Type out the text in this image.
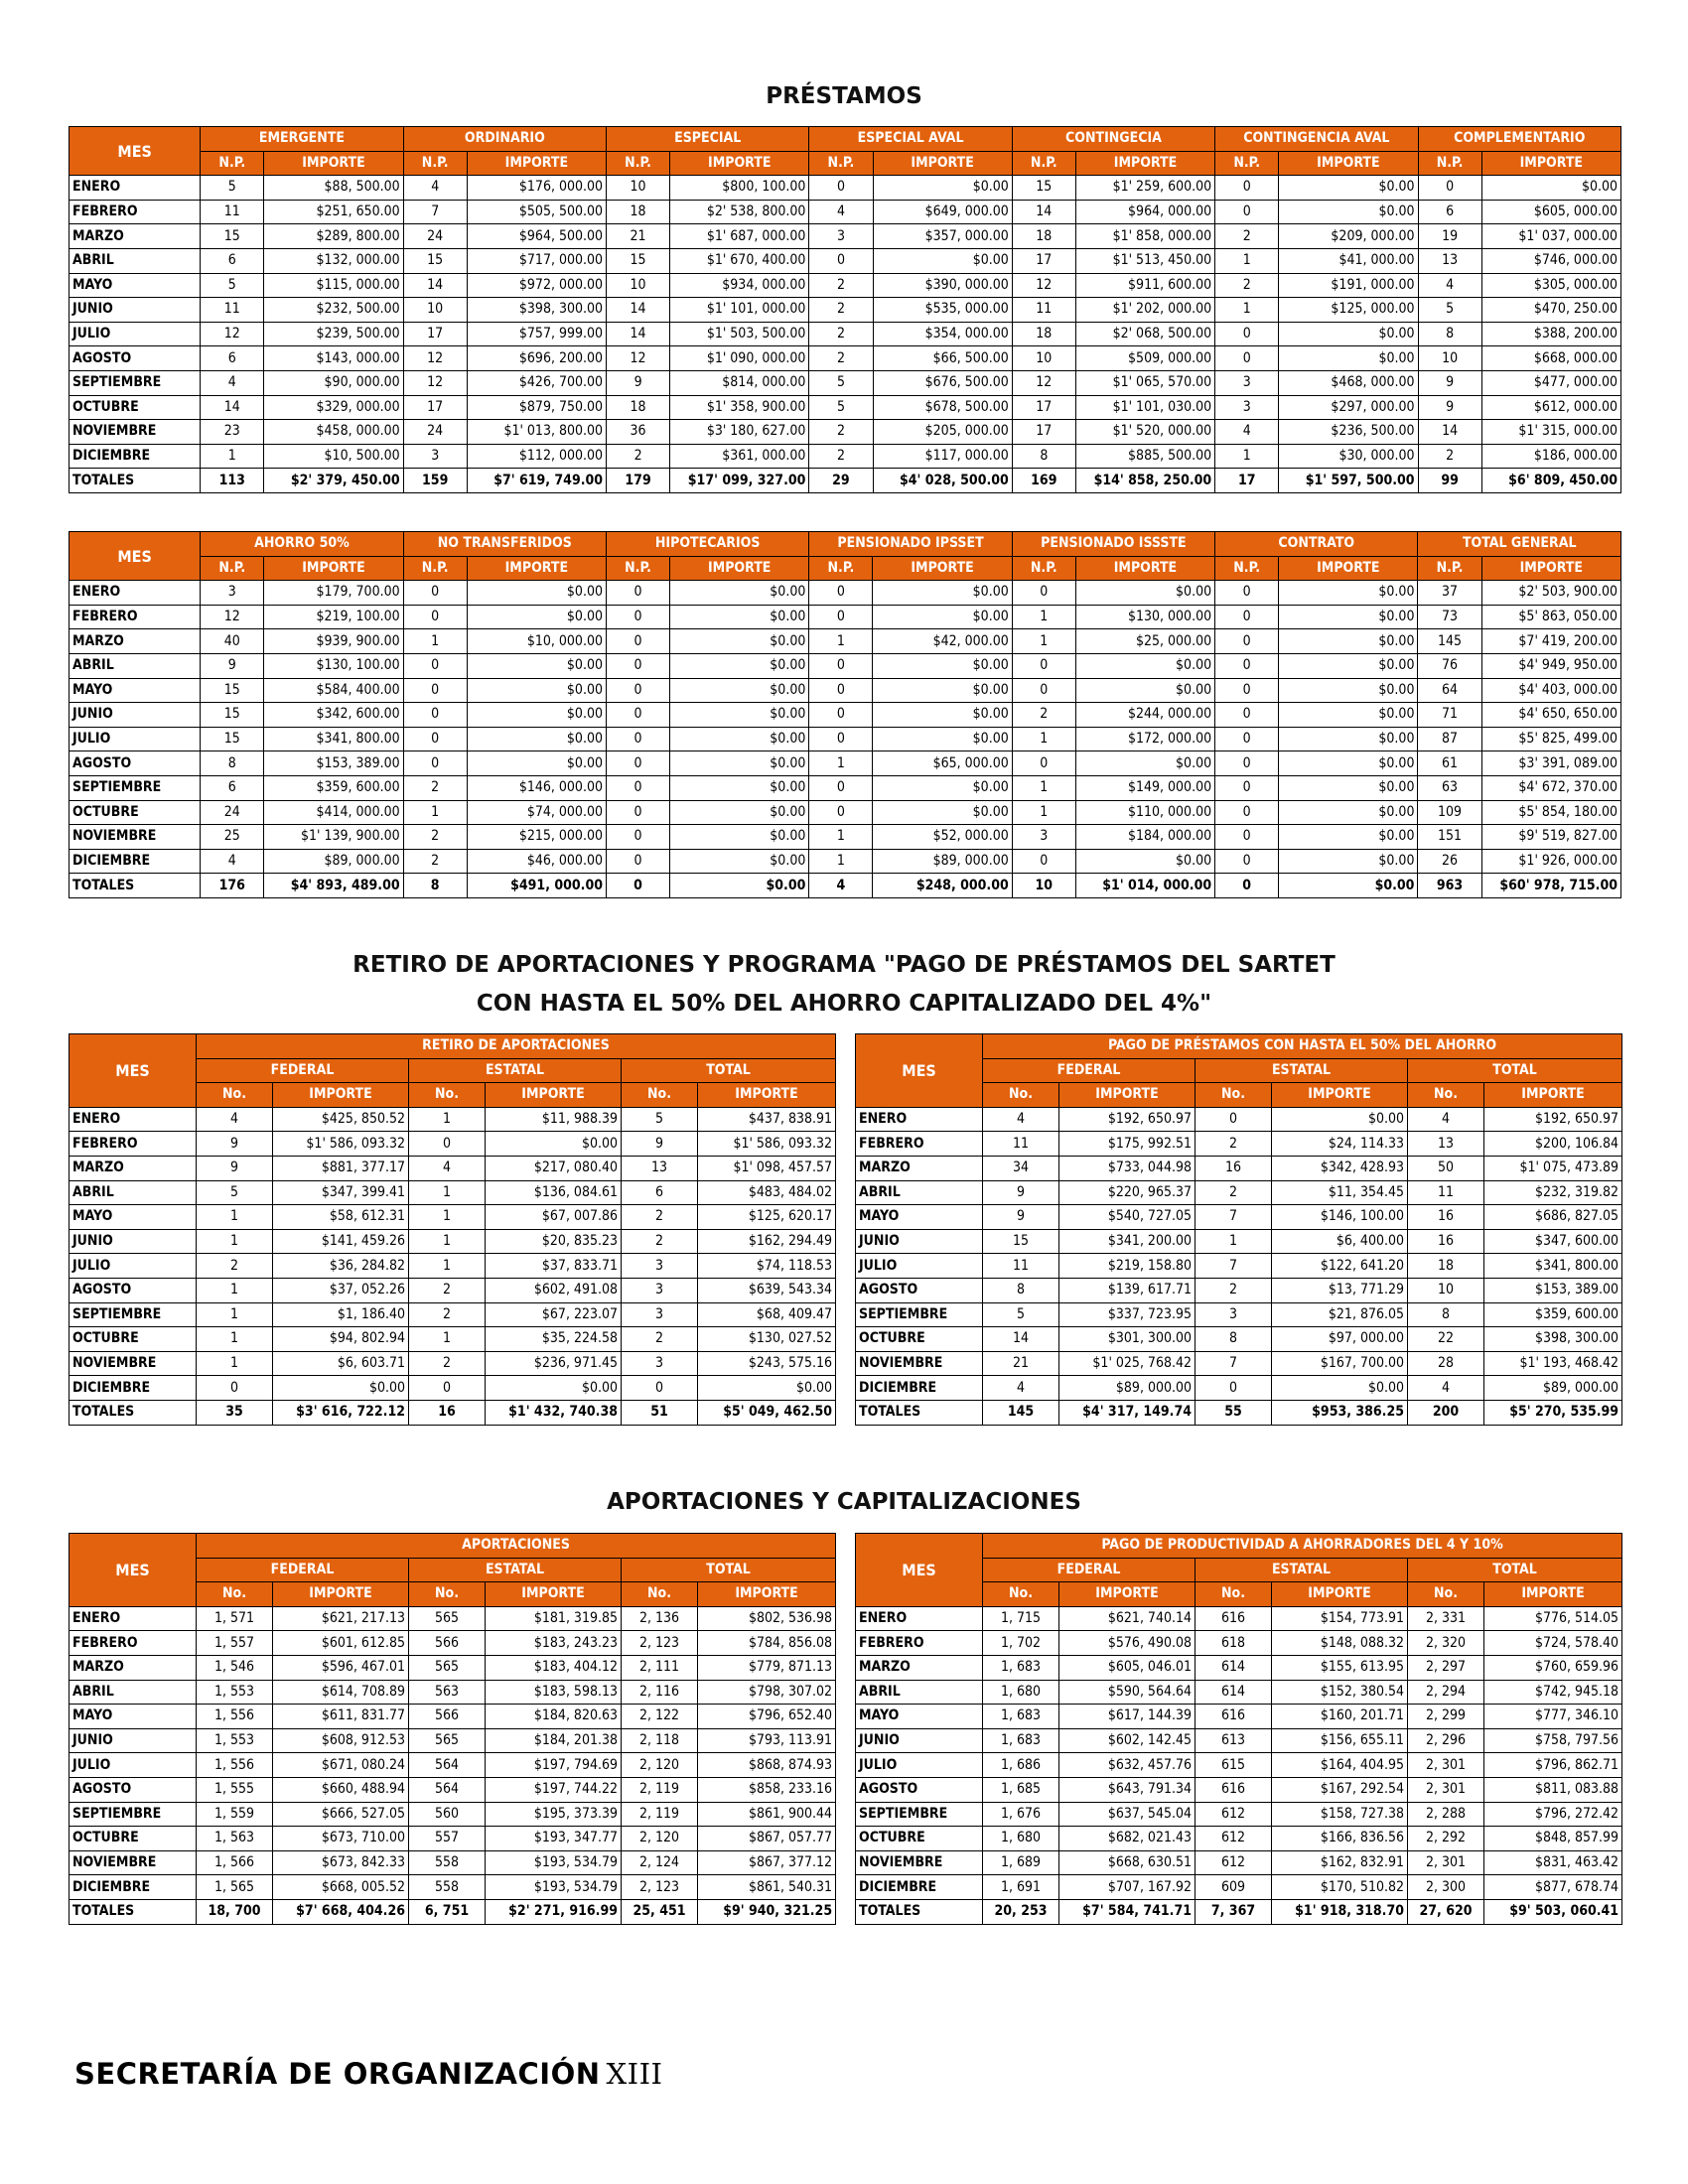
PRÉSTAMOS
MES	EMERGENTE		ORDINARIO		ESPECIAL		ESPECIAL AVAL		CONTINGECIA		CONTINGENCIA AVAL		COMPLEMENTARIO	
	N.P.	IMPORTE	N.P.	IMPORTE	N.P.	IMPORTE	N.P.	IMPORTE	N.P.	IMPORTE	N.P.	IMPORTE	N.P.	IMPORTE
ENERO	5	$88, 500.00	4	$176, 000.00	10	$800, 100.00	0	$0.00	15	$1' 259, 600.00	0	$0.00	0	$0.00
FEBRERO	11	$251, 650.00	7	$505, 500.00	18	$2' 538, 800.00	4	$649, 000.00	14	$964, 000.00	0	$0.00	6	$605, 000.00
MARZO	15	$289, 800.00	24	$964, 500.00	21	$1' 687, 000.00	3	$357, 000.00	18	$1' 858, 000.00	2	$209, 000.00	19	$1' 037, 000.00
ABRIL	6	$132, 000.00	15	$717, 000.00	15	$1' 670, 400.00	0	$0.00	17	$1' 513, 450.00	1	$41, 000.00	13	$746, 000.00
MAYO	5	$115, 000.00	14	$972, 000.00	10	$934, 000.00	2	$390, 000.00	12	$911, 600.00	2	$191, 000.00	4	$305, 000.00
JUNIO	11	$232, 500.00	10	$398, 300.00	14	$1' 101, 000.00	2	$535, 000.00	11	$1' 202, 000.00	1	$125, 000.00	5	$470, 250.00
JULIO	12	$239, 500.00	17	$757, 999.00	14	$1' 503, 500.00	2	$354, 000.00	18	$2' 068, 500.00	0	$0.00	8	$388, 200.00
AGOSTO	6	$143, 000.00	12	$696, 200.00	12	$1' 090, 000.00	2	$66, 500.00	10	$509, 000.00	0	$0.00	10	$668, 000.00
SEPTIEMBRE	4	$90, 000.00	12	$426, 700.00	9	$814, 000.00	5	$676, 500.00	12	$1' 065, 570.00	3	$468, 000.00	9	$477, 000.00
OCTUBRE	14	$329, 000.00	17	$879, 750.00	18	$1' 358, 900.00	5	$678, 500.00	17	$1' 101, 030.00	3	$297, 000.00	9	$612, 000.00
NOVIEMBRE	23	$458, 000.00	24	$1' 013, 800.00	36	$3' 180, 627.00	2	$205, 000.00	17	$1' 520, 000.00	4	$236, 500.00	14	$1' 315, 000.00
DICIEMBRE	1	$10, 500.00	3	$112, 000.00	2	$361, 000.00	2	$117, 000.00	8	$885, 500.00	1	$30, 000.00	2	$186, 000.00
TOTALES	113	$2' 379, 450.00	159	$7' 619, 749.00	179	$17' 099, 327.00	29	$4' 028, 500.00	169	$14' 858, 250.00	17	$1' 597, 500.00	99	$6' 809, 450.00
MES	AHORRO 50%		NO TRANSFERIDOS		HIPOTECARIOS		PENSIONADO IPSSET		PENSIONADO ISSSTE		CONTRATO		TOTAL GENERAL	
	N.P.	IMPORTE	N.P.	IMPORTE	N.P.	IMPORTE	N.P.	IMPORTE	N.P.	IMPORTE	N.P.	IMPORTE	N.P.	IMPORTE
ENERO	3	$179, 700.00	0	$0.00	0	$0.00	0	$0.00	0	$0.00	0	$0.00	37	$2' 503, 900.00
FEBRERO	12	$219, 100.00	0	$0.00	0	$0.00	0	$0.00	1	$130, 000.00	0	$0.00	73	$5' 863, 050.00
MARZO	40	$939, 900.00	1	$10, 000.00	0	$0.00	1	$42, 000.00	1	$25, 000.00	0	$0.00	145	$7' 419, 200.00
ABRIL	9	$130, 100.00	0	$0.00	0	$0.00	0	$0.00	0	$0.00	0	$0.00	76	$4' 949, 950.00
MAYO	15	$584, 400.00	0	$0.00	0	$0.00	0	$0.00	0	$0.00	0	$0.00	64	$4' 403, 000.00
JUNIO	15	$342, 600.00	0	$0.00	0	$0.00	0	$0.00	2	$244, 000.00	0	$0.00	71	$4' 650, 650.00
JULIO	15	$341, 800.00	0	$0.00	0	$0.00	0	$0.00	1	$172, 000.00	0	$0.00	87	$5' 825, 499.00
AGOSTO	8	$153, 389.00	0	$0.00	0	$0.00	1	$65, 000.00	0	$0.00	0	$0.00	61	$3' 391, 089.00
SEPTIEMBRE	6	$359, 600.00	2	$146, 000.00	0	$0.00	0	$0.00	1	$149, 000.00	0	$0.00	63	$4' 672, 370.00
OCTUBRE	24	$414, 000.00	1	$74, 000.00	0	$0.00	0	$0.00	1	$110, 000.00	0	$0.00	109	$5' 854, 180.00
NOVIEMBRE	25	$1' 139, 900.00	2	$215, 000.00	0	$0.00	1	$52, 000.00	3	$184, 000.00	0	$0.00	151	$9' 519, 827.00
DICIEMBRE	4	$89, 000.00	2	$46, 000.00	0	$0.00	1	$89, 000.00	0	$0.00	0	$0.00	26	$1' 926, 000.00
TOTALES	176	$4' 893, 489.00	8	$491, 000.00	0	$0.00	4	$248, 000.00	10	$1' 014, 000.00	0	$0.00	963	$60' 978, 715.00
RETIRO DE APORTACIONES Y PROGRAMA "PAGO DE PRÉSTAMOS DEL SARTET
CON HASTA EL 50% DEL AHORRO CAPITALIZADO DEL 4%"
MES	RETIRO DE APORTACIONES					
	FEDERAL		ESTATAL		TOTAL	
	No.	IMPORTE	No.	IMPORTE	No.	IMPORTE
ENERO	4	$425, 850.52	1	$11, 988.39	5	$437, 838.91
FEBRERO	9	$1' 586, 093.32	0	$0.00	9	$1' 586, 093.32
MARZO	9	$881, 377.17	4	$217, 080.40	13	$1' 098, 457.57
ABRIL	5	$347, 399.41	1	$136, 084.61	6	$483, 484.02
MAYO	1	$58, 612.31	1	$67, 007.86	2	$125, 620.17
JUNIO	1	$141, 459.26	1	$20, 835.23	2	$162, 294.49
JULIO	2	$36, 284.82	1	$37, 833.71	3	$74, 118.53
AGOSTO	1	$37, 052.26	2	$602, 491.08	3	$639, 543.34
SEPTIEMBRE	1	$1, 186.40	2	$67, 223.07	3	$68, 409.47
OCTUBRE	1	$94, 802.94	1	$35, 224.58	2	$130, 027.52
NOVIEMBRE	1	$6, 603.71	2	$236, 971.45	3	$243, 575.16
DICIEMBRE	0	$0.00	0	$0.00	0	$0.00
TOTALES	35	$3' 616, 722.12	16	$1' 432, 740.38	51	$5' 049, 462.50
MES	PAGO DE PRÉSTAMOS CON HASTA EL 50% DEL AHORRO					
	FEDERAL		ESTATAL		TOTAL	
	No.	IMPORTE	No.	IMPORTE	No.	IMPORTE
ENERO	4	$192, 650.97	0	$0.00	4	$192, 650.97
FEBRERO	11	$175, 992.51	2	$24, 114.33	13	$200, 106.84
MARZO	34	$733, 044.98	16	$342, 428.93	50	$1' 075, 473.89
ABRIL	9	$220, 965.37	2	$11, 354.45	11	$232, 319.82
MAYO	9	$540, 727.05	7	$146, 100.00	16	$686, 827.05
JUNIO	15	$341, 200.00	1	$6, 400.00	16	$347, 600.00
JULIO	11	$219, 158.80	7	$122, 641.20	18	$341, 800.00
AGOSTO	8	$139, 617.71	2	$13, 771.29	10	$153, 389.00
SEPTIEMBRE	5	$337, 723.95	3	$21, 876.05	8	$359, 600.00
OCTUBRE	14	$301, 300.00	8	$97, 000.00	22	$398, 300.00
NOVIEMBRE	21	$1' 025, 768.42	7	$167, 700.00	28	$1' 193, 468.42
DICIEMBRE	4	$89, 000.00	0	$0.00	4	$89, 000.00
TOTALES	145	$4' 317, 149.74	55	$953, 386.25	200	$5' 270, 535.99
APORTACIONES Y CAPITALIZACIONES
MES	APORTACIONES					
	FEDERAL		ESTATAL		TOTAL	
	No.	IMPORTE	No.	IMPORTE	No.	IMPORTE
ENERO	1, 571	$621, 217.13	565	$181, 319.85	2, 136	$802, 536.98
FEBRERO	1, 557	$601, 612.85	566	$183, 243.23	2, 123	$784, 856.08
MARZO	1, 546	$596, 467.01	565	$183, 404.12	2, 111	$779, 871.13
ABRIL	1, 553	$614, 708.89	563	$183, 598.13	2, 116	$798, 307.02
MAYO	1, 556	$611, 831.77	566	$184, 820.63	2, 122	$796, 652.40
JUNIO	1, 553	$608, 912.53	565	$184, 201.38	2, 118	$793, 113.91
JULIO	1, 556	$671, 080.24	564	$197, 794.69	2, 120	$868, 874.93
AGOSTO	1, 555	$660, 488.94	564	$197, 744.22	2, 119	$858, 233.16
SEPTIEMBRE	1, 559	$666, 527.05	560	$195, 373.39	2, 119	$861, 900.44
OCTUBRE	1, 563	$673, 710.00	557	$193, 347.77	2, 120	$867, 057.77
NOVIEMBRE	1, 566	$673, 842.33	558	$193, 534.79	2, 124	$867, 377.12
DICIEMBRE	1, 565	$668, 005.52	558	$193, 534.79	2, 123	$861, 540.31
TOTALES	18, 700	$7' 668, 404.26	6, 751	$2' 271, 916.99	25, 451	$9' 940, 321.25
MES	PAGO DE PRODUCTIVIDAD A AHORRADORES DEL 4 Y 10%					
	FEDERAL		ESTATAL		TOTAL	
	No.	IMPORTE	No.	IMPORTE	No.	IMPORTE
ENERO	1, 715	$621, 740.14	616	$154, 773.91	2, 331	$776, 514.05
FEBRERO	1, 702	$576, 490.08	618	$148, 088.32	2, 320	$724, 578.40
MARZO	1, 683	$605, 046.01	614	$155, 613.95	2, 297	$760, 659.96
ABRIL	1, 680	$590, 564.64	614	$152, 380.54	2, 294	$742, 945.18
MAYO	1, 683	$617, 144.39	616	$160, 201.71	2, 299	$777, 346.10
JUNIO	1, 683	$602, 142.45	613	$156, 655.11	2, 296	$758, 797.56
JULIO	1, 686	$632, 457.76	615	$164, 404.95	2, 301	$796, 862.71
AGOSTO	1, 685	$643, 791.34	616	$167, 292.54	2, 301	$811, 083.88
SEPTIEMBRE	1, 676	$637, 545.04	612	$158, 727.38	2, 288	$796, 272.42
OCTUBRE	1, 680	$682, 021.43	612	$166, 836.56	2, 292	$848, 857.99
NOVIEMBRE	1, 689	$668, 630.51	612	$162, 832.91	2, 301	$831, 463.42
DICIEMBRE	1, 691	$707, 167.92	609	$170, 510.82	2, 300	$877, 678.74
TOTALES	20, 253	$7' 584, 741.71	7, 367	$1' 918, 318.70	27, 620	$9' 503, 060.41
SECRETARÍA DE ORGANIZACIÓN XIII
